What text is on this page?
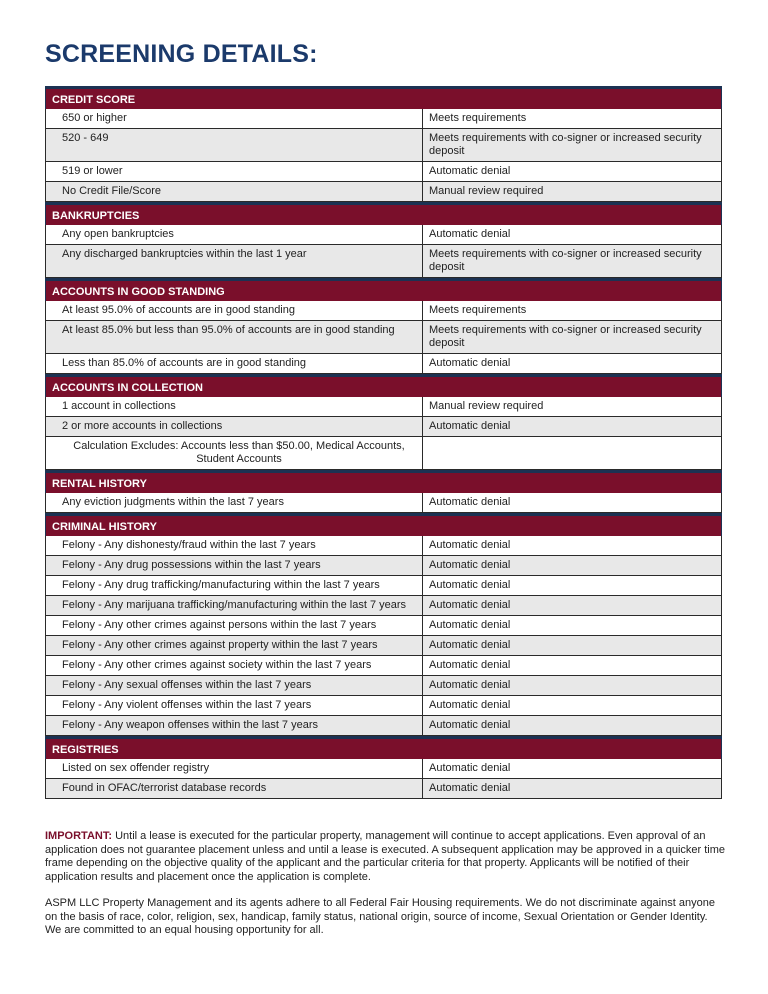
SCREENING DETAILS:
CREDIT SCORE
650 or higher	Meets requirements
520 - 649	Meets requirements with co-signer or increased security deposit
519 or lower	Automatic denial
No Credit File/Score	Manual review required
BANKRUPTCIES
Any open bankruptcies	Automatic denial
Any discharged bankruptcies within the last 1 year	Meets requirements with co-signer or increased security deposit
ACCOUNTS IN GOOD STANDING
At least 95.0% of accounts are in good standing	Meets requirements
At least 85.0% but less than 95.0% of accounts are in good standing	Meets requirements with co-signer or increased security deposit
Less than 85.0% of accounts are in good standing	Automatic denial
ACCOUNTS IN COLLECTION
1 account in collections	Manual review required
2 or more accounts in collections	Automatic denial
Calculation Excludes: Accounts less than $50.00, Medical Accounts, Student Accounts
RENTAL HISTORY
Any eviction judgments within the last 7 years	Automatic denial
CRIMINAL HISTORY
Felony - Any dishonesty/fraud within the last 7 years	Automatic denial
Felony - Any drug possessions within the last 7 years	Automatic denial
Felony - Any drug trafficking/manufacturing within the last 7 years	Automatic denial
Felony - Any marijuana trafficking/manufacturing within the last 7 years	Automatic denial
Felony - Any other crimes against persons within the last 7 years	Automatic denial
Felony - Any other crimes against property within the last 7 years	Automatic denial
Felony - Any other crimes against society within the last 7 years	Automatic denial
Felony - Any sexual offenses within the last 7 years	Automatic denial
Felony - Any violent offenses within the last 7 years	Automatic denial
Felony - Any weapon offenses within the last 7 years	Automatic denial
REGISTRIES
Listed on sex offender registry	Automatic denial
Found in OFAC/terrorist database records	Automatic denial

IMPORTANT: Until a lease is executed for the particular property, management will continue to accept applications. Even approval of an application does not guarantee placement unless and until a lease is executed. A subsequent application may be approved in a quicker time frame depending on the objective quality of the applicant and the particular criteria for that property. Applicants will be notified of their application results and placement once the application is complete.

ASPM LLC Property Management and its agents adhere to all Federal Fair Housing requirements. We do not discriminate against anyone on the basis of race, color, religion, sex, handicap, family status, national origin, source of income, Sexual Orientation or Gender Identity. We are committed to an equal housing opportunity for all.
